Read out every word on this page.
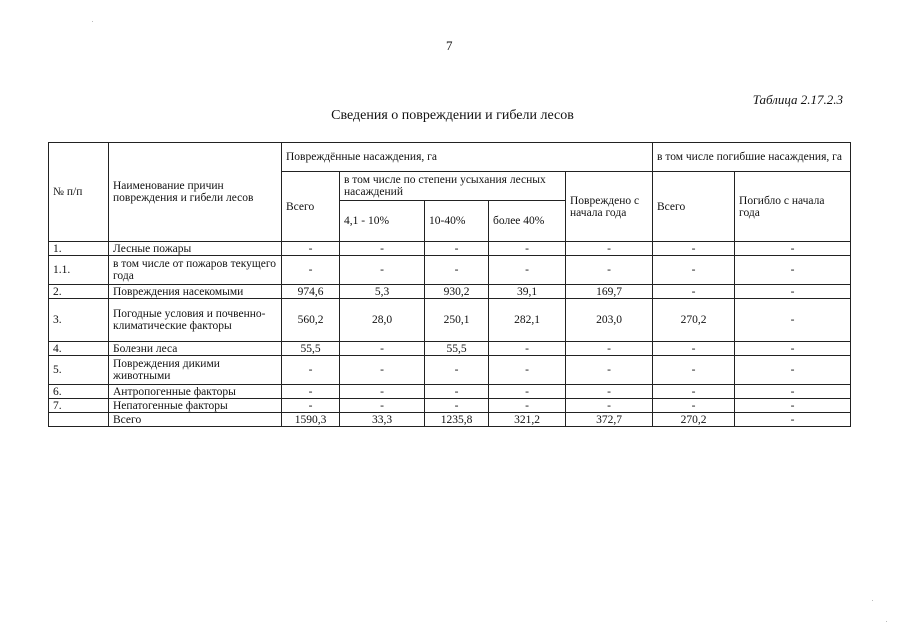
7
Таблица 2.17.2.3
Сведения о повреждении и гибели лесов
№ п/п	Наименование причин повреждения и гибели лесов	Повреждённые насаждения, га					в том числе погибшие насаждения, га	
		Всего	в том числе по степени усыхания лесных насаждений			Повреждено с начала года	Всего	Погибло с начала года
			4,1 - 10%	10-40%	более 40%			
1.	Лесные пожары	-	-	-	-	-	-	-
1.1.	в том числе от пожаров текущего года	-	-	-	-	-	-	-
2.	Повреждения насекомыми	974,6	5,3	930,2	39,1	169,7	-	-
3.	Погодные условия и почвенно-климатические факторы	560,2	28,0	250,1	282,1	203,0	270,2	-
4.	Болезни леса	55,5	-	55,5	-	-	-	-
5.	Повреждения дикими животными	-	-	-	-	-	-	-
6.	Антропогенные факторы	-	-	-	-	-	-	-
7.	Непатогенные факторы	-	-	-	-	-	-	-
	Всего	1590,3	33,3	1235,8	321,2	372,7	270,2	-
